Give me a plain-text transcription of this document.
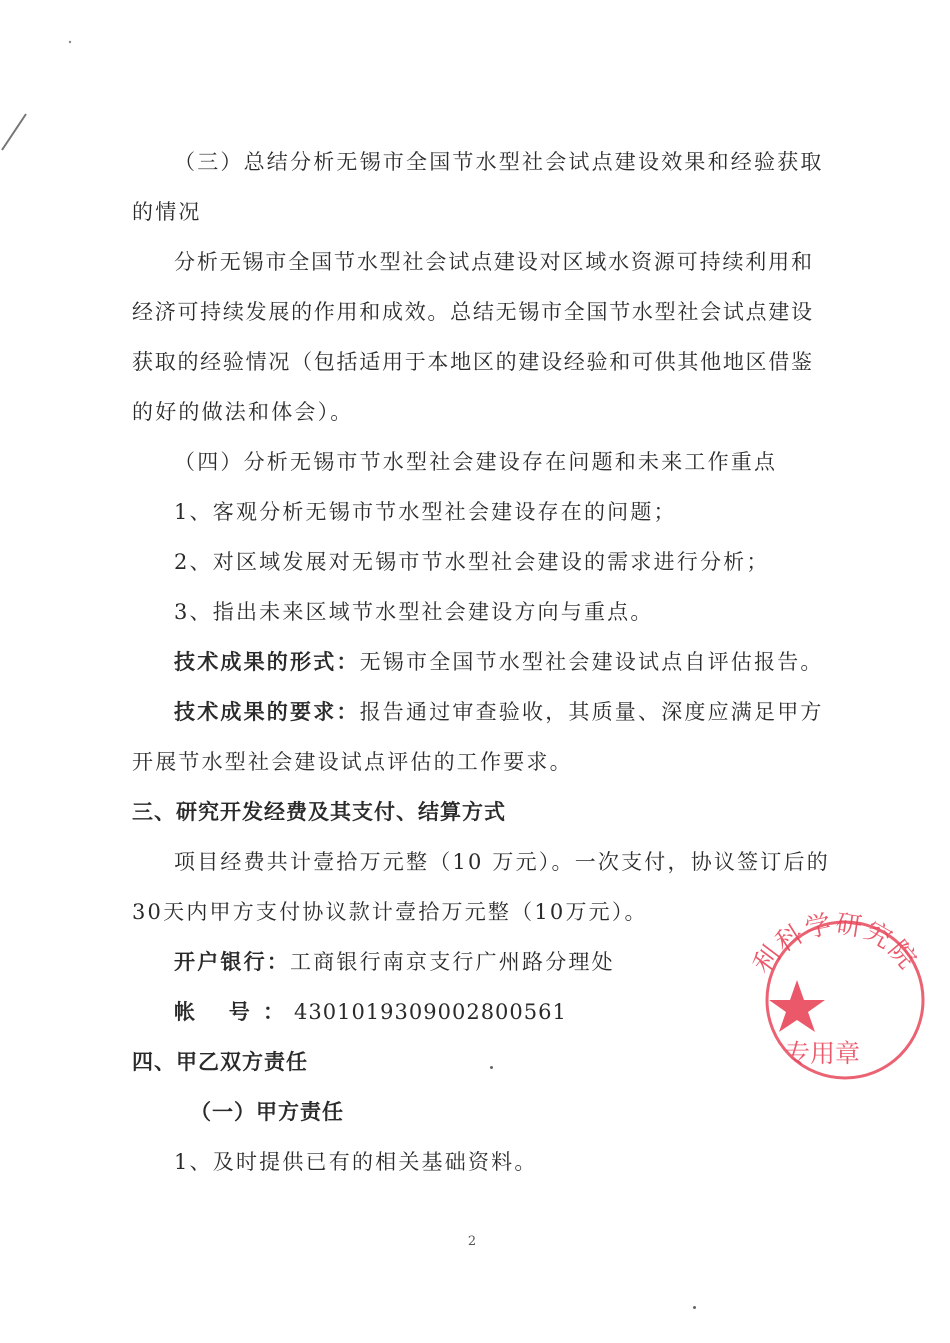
（三）总结分析无锡市全国节水型社会试点建设效果和经验获取
的情况
分析无锡市全国节水型社会试点建设对区域水资源可持续利用和
经济可持续发展的作用和成效。总结无锡市全国节水型社会试点建设
获取的经验情况（包括适用于本地区的建设经验和可供其他地区借鉴
的好的做法和体会）。
（四）分析无锡市节水型社会建设存在问题和未来工作重点
1、客观分析无锡市节水型社会建设存在的问题；
2、对区域发展对无锡市节水型社会建设的需求进行分析；
3、指出未来区域节水型社会建设方向与重点。
技术成果的形式：无锡市全国节水型社会建设试点自评估报告。
技术成果的要求：报告通过审查验收，其质量、深度应满足甲方
开展节水型社会建设试点评估的工作要求。
三、研究开发经费及其支付、结算方式
项目经费共计壹拾万元整（10 万元）。一次支付，协议签订后的
30天内甲方支付协议款计壹拾万元整（10万元）。
开户银行：工商银行南京支行广州路分理处
帐 号： 4301019309002800561
四、甲乙双方责任
（一）甲方责任
1、及时提供已有的相关基础资料。
2
利科学研究院
专用章
